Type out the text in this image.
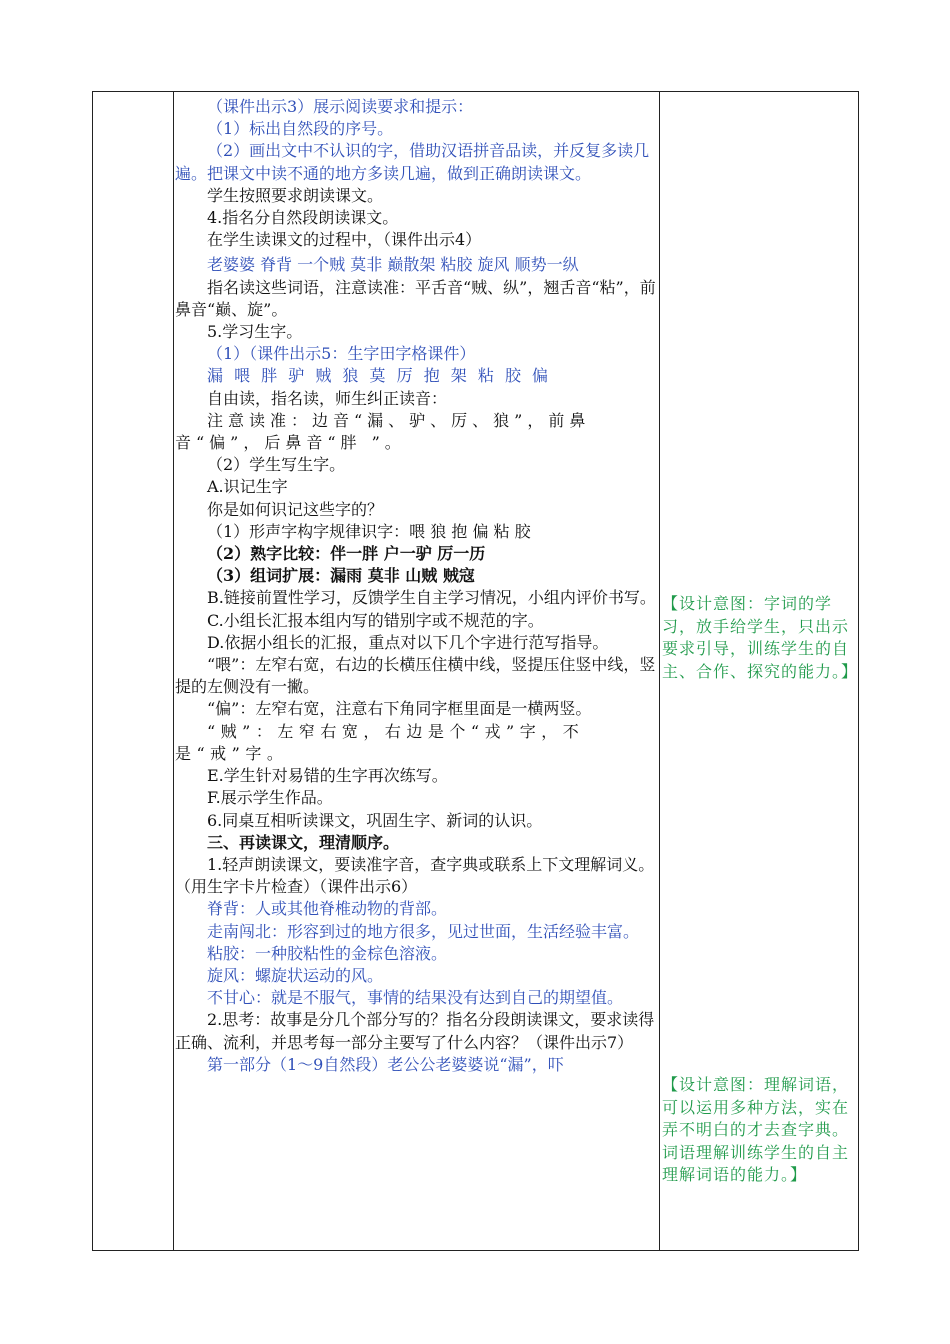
（课件出示3）展示阅读要求和提示：

（1）标出自然段的序号。

（2）画出文中不认识的字，借助汉语拼音品读，并反复多读几遍。把课文中读不通的地方多读几遍，做到正确朗读课文。

学生按照要求朗读课文。

4.指名分自然段朗读课文。

在学生读课文的过程中，（课件出示4）

老婆婆 脊背 一个贼 莫非 巅散架 粘胶 旋风 顺势一纵

指名读这些词语，注意读准：平舌音“贼、纵”，翘舌音“粘”，前鼻音“巅、旋”。

5.学习生字。

（1）（课件出示5：生字田字格课件）

漏 喂 胖 驴 贼 狼 莫 厉 抱 架 粘 胶 偏

自由读，指名读，师生纠正读音：

注意读准：边音“漏、驴、厉、狼”，前鼻音“偏”，后鼻音“胖 ”。

（2）学生写生字。

A.识记生字

你是如何识记这些字的？

（1）形声字构字规律识字：喂 狼 抱 偏 粘 胶

（2）熟字比较：伴一胖 户一驴 厉一历

（3）组词扩展：漏雨 莫非 山贼 贼寇

B.链接前置性学习，反馈学生自主学习情况，小组内评价书写。

C.小组长汇报本组内写的错别字或不规范的字。

D.依据小组长的汇报，重点对以下几个字进行范写指导。

“喂”：左窄右宽，右边的长横压住横中线，竖提压住竖中线，竖提的左侧没有一撇。

“偏”：左窄右宽，注意右下角同字框里面是一横两竖。

“贼”：左窄右宽，右边是个“戎”字，不是“戒”字。

E.学生针对易错的生字再次练写。

F.展示学生作品。

6.同桌互相听读课文，巩固生字、新词的认识。

三、再读课文，理清顺序。

1.轻声朗读课文，要读准字音，查字典或联系上下文理解词义。（用生字卡片检查）（课件出示6）

脊背：人或其他脊椎动物的背部。

走南闯北：形容到过的地方很多，见过世面，生活经验丰富。

粘胶：一种胶粘性的金棕色溶液。

旋风：螺旋状运动的风。

不甘心：就是不服气，事情的结果没有达到自己的期望值。

2.思考：故事是分几个部分写的？指名分段朗读课文，要求读得正确、流利，并思考每一部分主要写了什么内容？（课件出示7）

第一部分（1～9自然段）老公公老婆婆说“漏”，吓

【设计意图：字词的学习，放手给学生，只出示要求引导，训练学生的自主、合作、探究的能力。】
【设计意图：理解词语，可以运用多种方法，实在弄不明白的才去查字典。词语理解训练学生的自主理解词语的能力。】
